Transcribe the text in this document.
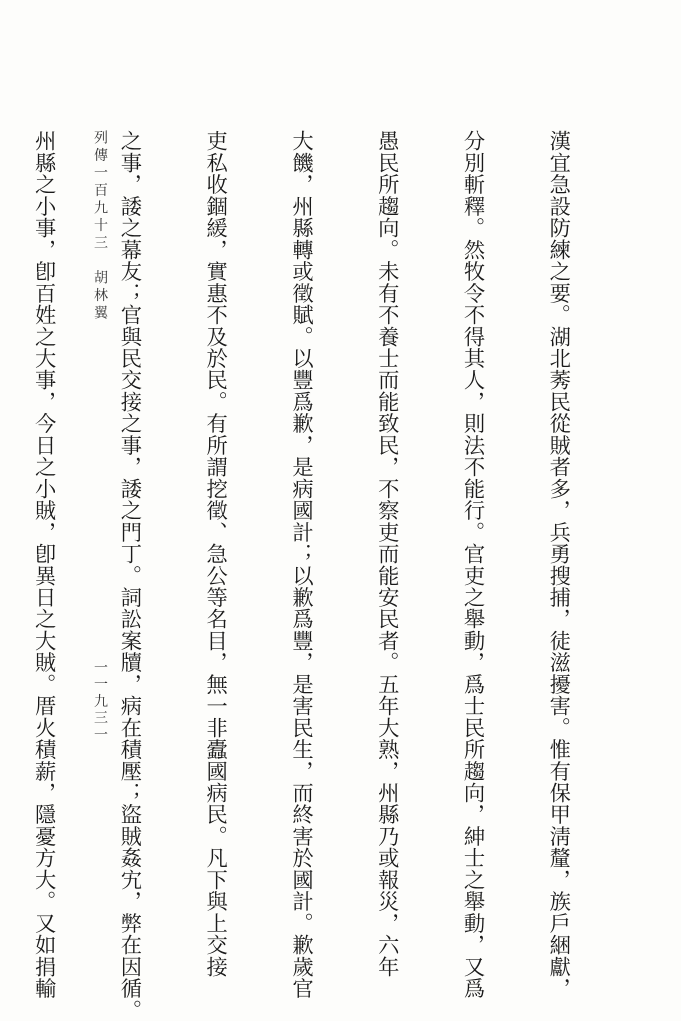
列傳一百九十三　胡林翼
一一九三一

	漢宜急設防練之要。湖北莠民從賊者多，兵勇搜捕，徒滋擾害。惟有保甲淸釐，族戶綑獻，

分別斬釋。然牧令不得其人，則法不能行。官吏之舉動，爲士民所趨向，紳士之舉動，又爲

愚民所趨向。未有不養士而能致民，不察吏而能安民者。五年大熟，州縣乃或報災，六年

大饑，州縣轉或徵賦。以豐爲歉，是病國計；以歉爲豐，是害民生，而終害於國計。歉歲官

吏私收錮緩，實惠不及於民。有所謂挖徵、急公等名目，無一非蠹國病民。凡下與上交接

之事，諉之幕友；官與民交接之事，諉之門丁。詞訟案牘，病在積壓；盜賊姦宄，弊在因循。

州縣之小事，卽百姓之大事，今日之小賊，卽異日之大賊。厝火積薪，隱憂方大。又如捐輸
